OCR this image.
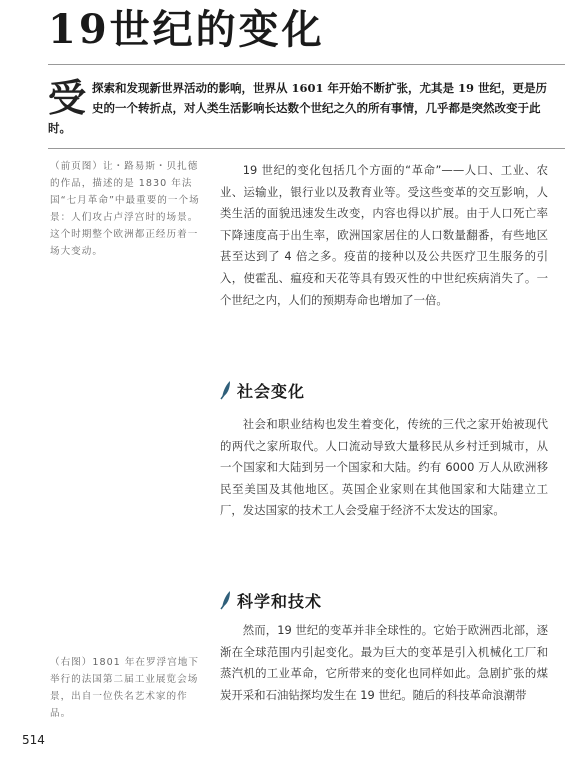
19世纪的变化
受 探索和发现新世界活动的影响，世界从 1601 年开始不断扩张，尤其是 19 世纪，更是历史的一个转折点，对人类生活影响长达数个世纪之久的所有事情，几乎都是突然改变于此时。
（前页图）让・路易斯・贝扎德的作品，描述的是 1830 年法国“七月革命”中最重要的一个场景：人们攻占卢浮宫时的场景。这个时期整个欧洲都正经历着一场大变动。

19 世纪的变化包括几个方面的“革命”——人口、工业、农业、运输业，银行业以及教育业等。受这些变革的交互影响，人类生活的面貌迅速发生改变，内容也得以扩展。由于人口死亡率下降速度高于出生率，欧洲国家居住的人口数量翻番，有些地区甚至达到了 4 倍之多。疫苗的接种以及公共医疗卫生服务的引入，使霍乱、瘟疫和天花等具有毁灭性的中世纪疾病消失了。一个世纪之内，人们的预期寿命也增加了一倍。

社会变化

社会和职业结构也发生着变化，传统的三代之家开始被现代的两代之家所取代。人口流动导致大量移民从乡村迁到城市，从一个国家和大陆到另一个国家和大陆。约有 6000 万人从欧洲移民至美国及其他地区。英国企业家则在其他国家和大陆建立工厂，发达国家的技术工人会受雇于经济不太发达的国家。

科学和技术

然而，19 世纪的变革并非全球性的。它始于欧洲西北部，逐渐在全球范围内引起变化。最为巨大的变革是引入机械化工厂和蒸汽机的工业革命，它所带来的变化也同样如此。急剧扩张的煤炭开采和石油钻探均发生在 19 世纪。随后的科技革命浪潮带

（右图）1801 年在罗浮宫地下举行的法国第二届工业展览会场景，出自一位佚名艺术家的作品。
514
